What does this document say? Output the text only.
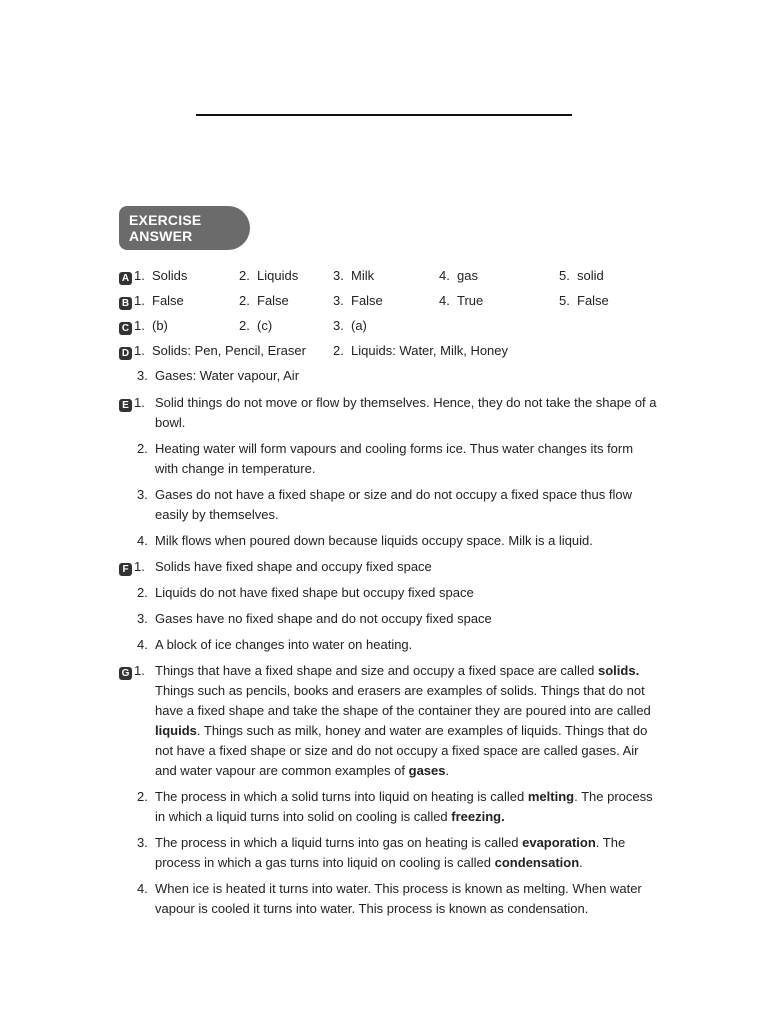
EXERCISE ANSWER
A 1. Solids	2. Liquids	3. Milk	4. gas	5. solid
B 1. False	2. False	3. False	4. True	5. False
C 1. (b)	2. (c)	3. (a)
D 1. Solids: Pen, Pencil, Eraser 2. Liquids: Water, Milk, Honey
3. Gases: Water vapour, Air
E 1. Solid things do not move or flow by themselves. Hence, they do not take the shape of a bowl.
2. Heating water will form vapours and cooling forms ice. Thus water changes its form with change in temperature.
3. Gases do not have a fixed shape or size and do not occupy a fixed space thus flow easily by themselves.
4. Milk flows when poured down because liquids occupy space. Milk is a liquid.
F 1. Solids have fixed shape and occupy fixed space
2. Liquids do not have fixed shape but occupy fixed space
3. Gases have no fixed shape and do not occupy fixed space
4. A block of ice changes into water on heating.
G 1. Things that have a fixed shape and size and occupy a fixed space are called solids. Things such as pencils, books and erasers are examples of solids. Things that do not have a fixed shape and take the shape of the container they are poured into are called liquids. Things such as milk, honey and water are examples of liquids. Things that do not have a fixed shape or size and do not occupy a fixed space are called gases. Air and water vapour are common examples of gases.
2. The process in which a solid turns into liquid on heating is called melting. The process in which a liquid turns into solid on cooling is called freezing.
3. The process in which a liquid turns into gas on heating is called evaporation. The process in which a gas turns into liquid on cooling is called condensation.
4. When ice is heated it turns into water. This process is known as melting. When water vapour is cooled it turns into water. This process is known as condensation.
